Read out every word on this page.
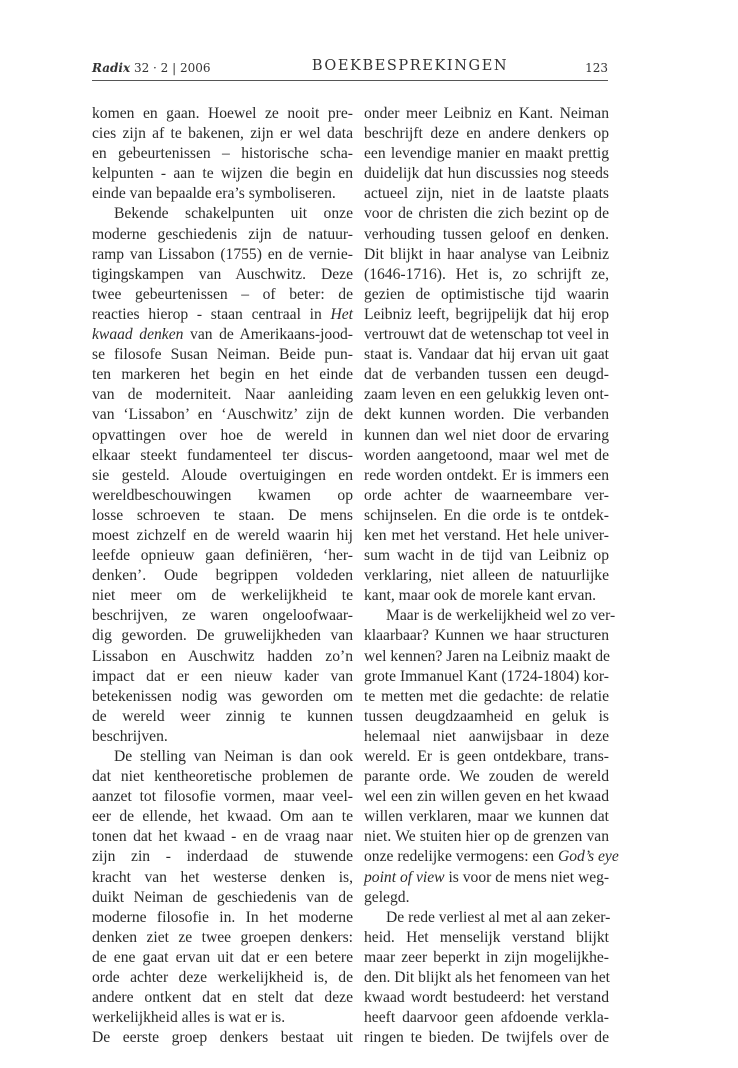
Radix 32 · 2 | 2006	BOEKBESPREKINGEN	123
komen en gaan. Hoewel ze nooit pre-
cies zijn af te bakenen, zijn er wel data
en gebeurtenissen – historische scha-
kelpunten - aan te wijzen die begin en
einde van bepaalde era’s symboliseren.
Bekende schakelpunten uit onze
moderne geschiedenis zijn de natuur-
ramp van Lissabon (1755) en de vernie-
tigingskampen van Auschwitz. Deze
twee gebeurtenissen – of beter: de
reacties hierop - staan centraal in Het
kwaad denken van de Amerikaans-jood-
se filosofe Susan Neiman. Beide pun-
ten markeren het begin en het einde
van de moderniteit. Naar aanleiding
van ‘Lissabon’ en ‘Auschwitz’ zijn de
opvattingen over hoe de wereld in
elkaar steekt fundamenteel ter discus-
sie gesteld. Aloude overtuigingen en
wereldbeschouwingen kwamen op
losse schroeven te staan. De mens
moest zichzelf en de wereld waarin hij
leefde opnieuw gaan definiëren, ‘her-
denken’. Oude begrippen voldeden
niet meer om de werkelijkheid te
beschrijven, ze waren ongeloofwaar-
dig geworden. De gruwelijkheden van
Lissabon en Auschwitz hadden zo’n
impact dat er een nieuw kader van
betekenissen nodig was geworden om
de wereld weer zinnig te kunnen
beschrijven.
De stelling van Neiman is dan ook
dat niet kentheoretische problemen de
aanzet tot filosofie vormen, maar veel-
eer de ellende, het kwaad. Om aan te
tonen dat het kwaad - en de vraag naar
zijn zin - inderdaad de stuwende
kracht van het westerse denken is,
duikt Neiman de geschiedenis van de
moderne filosofie in. In het moderne
denken ziet ze twee groepen denkers:
de ene gaat ervan uit dat er een betere
orde achter deze werkelijkheid is, de
andere ontkent dat en stelt dat deze
werkelijkheid alles is wat er is.
De eerste groep denkers bestaat uit
onder meer Leibniz en Kant. Neiman
beschrijft deze en andere denkers op
een levendige manier en maakt prettig
duidelijk dat hun discussies nog steeds
actueel zijn, niet in de laatste plaats
voor de christen die zich bezint op de
verhouding tussen geloof en denken.
Dit blijkt in haar analyse van Leibniz
(1646-1716). Het is, zo schrijft ze,
gezien de optimistische tijd waarin
Leibniz leeft, begrijpelijk dat hij erop
vertrouwt dat de wetenschap tot veel in
staat is. Vandaar dat hij ervan uit gaat
dat de verbanden tussen een deugd-
zaam leven en een gelukkig leven ont-
dekt kunnen worden. Die verbanden
kunnen dan wel niet door de ervaring
worden aangetoond, maar wel met de
rede worden ontdekt. Er is immers een
orde achter de waarneembare ver-
schijnselen. En die orde is te ontdek-
ken met het verstand. Het hele univer-
sum wacht in de tijd van Leibniz op
verklaring, niet alleen de natuurlijke
kant, maar ook de morele kant ervan.
Maar is de werkelijkheid wel zo ver-
klaarbaar? Kunnen we haar structuren
wel kennen? Jaren na Leibniz maakt de
grote Immanuel Kant (1724-1804) kor-
te metten met die gedachte: de relatie
tussen deugdzaamheid en geluk is
helemaal niet aanwijsbaar in deze
wereld. Er is geen ontdekbare, trans-
parante orde. We zouden de wereld
wel een zin willen geven en het kwaad
willen verklaren, maar we kunnen dat
niet. We stuiten hier op de grenzen van
onze redelijke vermogens: een God’s eye
point of view is voor de mens niet weg-
gelegd.
De rede verliest al met al aan zeker-
heid. Het menselijk verstand blijkt
maar zeer beperkt in zijn mogelijkhe-
den. Dit blijkt als het fenomeen van het
kwaad wordt bestudeerd: het verstand
heeft daarvoor geen afdoende verkla-
ringen te bieden. De twijfels over de
